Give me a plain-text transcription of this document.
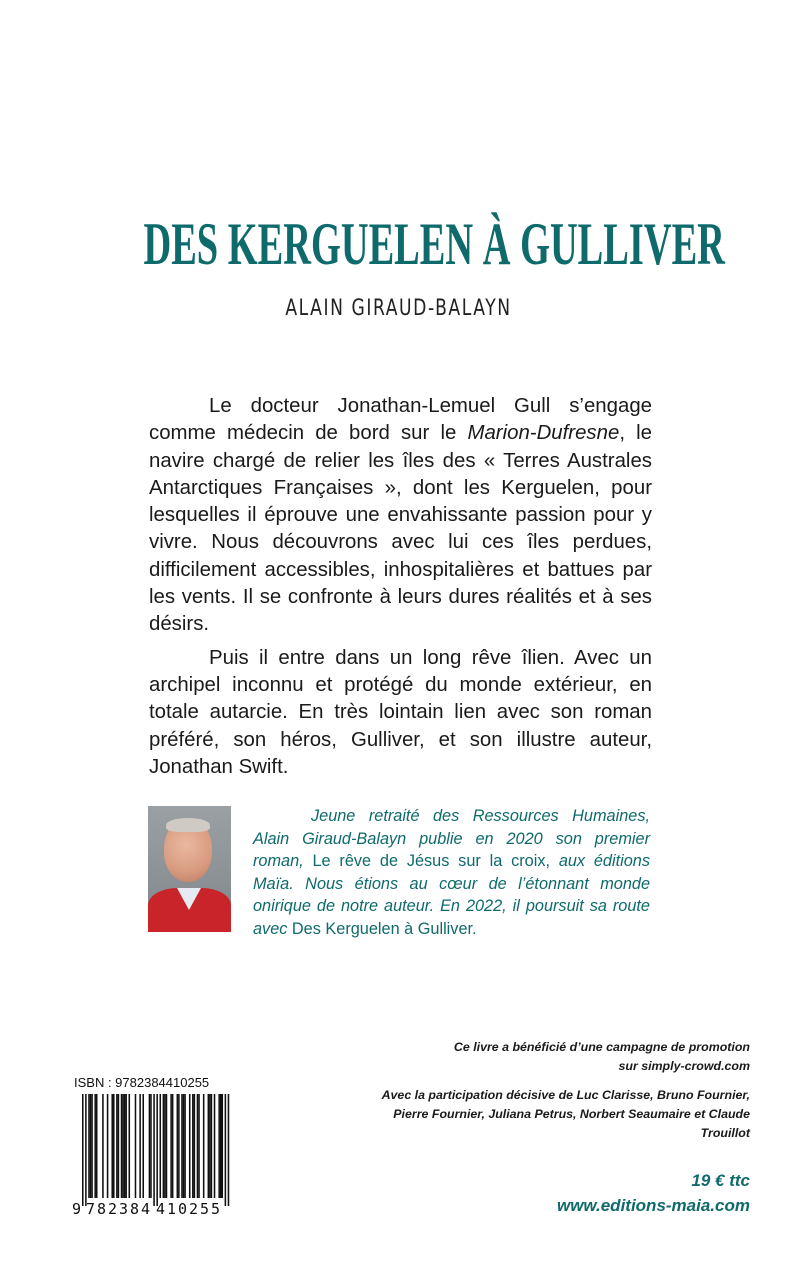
DES KERGUELEN À GULLIVER
ALAIN GIRAUD-BALAYN

Le docteur Jonathan-Lemuel Gull s’engage comme médecin de bord sur le Marion-Dufresne, le navire chargé de relier les îles des « Terres Australes Antarctiques Françaises », dont les Kerguelen, pour lesquelles il éprouve une envahissante passion pour y vivre. Nous découvrons avec lui ces îles perdues, difficilement accessibles, inhospitalières et battues par les vents. Il se confronte à leurs dures réalités et à ses désirs.

Puis il entre dans un long rêve îlien. Avec un archipel inconnu et protégé du monde extérieur, en totale autarcie. En très lointain lien avec son roman préféré, son héros, Gulliver, et son illustre auteur, Jonathan Swift.

Jeune retraité des Ressources Humaines, Alain Giraud-Balayn publie en 2020 son premier roman, Le rêve de Jésus sur la croix, aux éditions Maïa. Nous étions au cœur de l’étonnant monde onirique de notre auteur. En 2022, il poursuit sa route avec Des Kerguelen à Gulliver.

Ce livre a bénéficié d’une campagne de promotion
sur simply-crowd.com

Avec la participation décisive de Luc Clarisse, Bruno Fournier, Pierre Fournier, Juliana Petrus, Norbert Seaumaire et Claude Trouillot

ISBN : 9782384410255
9 782384 410255
19 € ttc
www.editions-maia.com
